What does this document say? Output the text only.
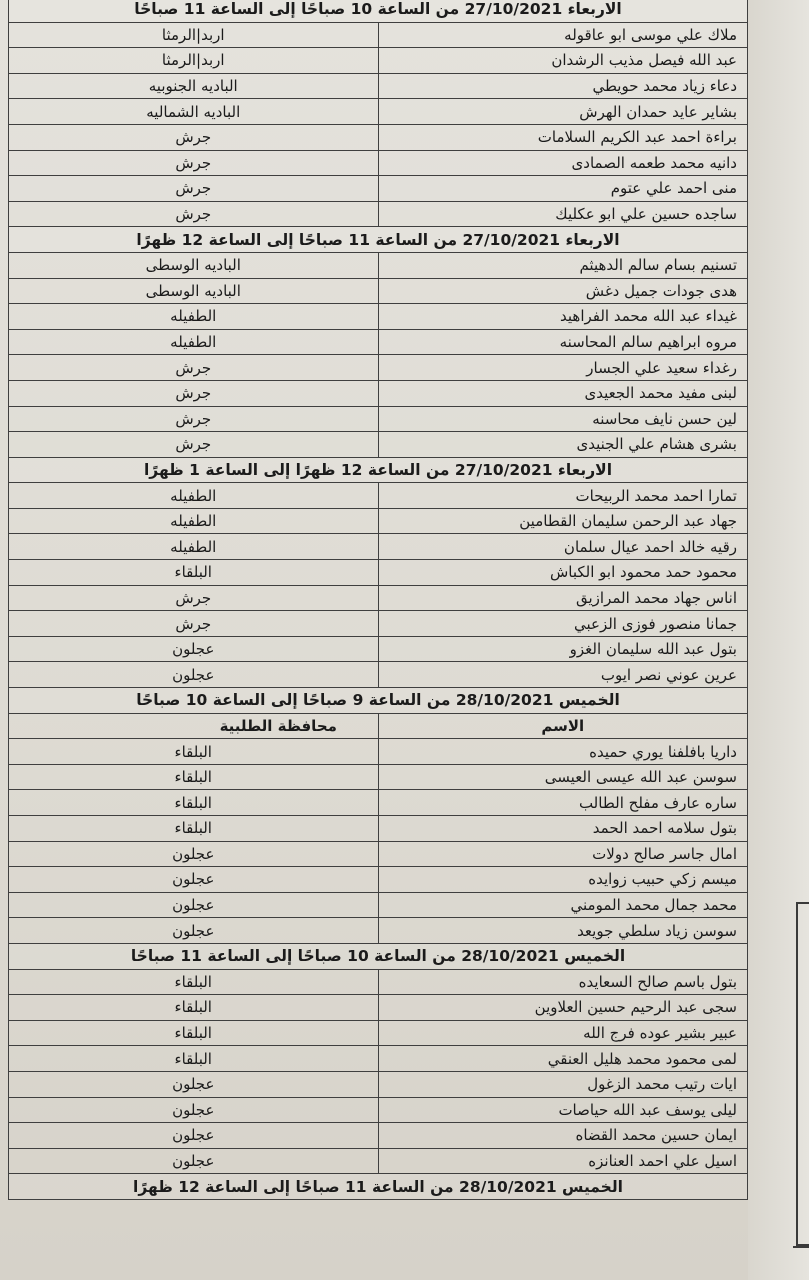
الاربعاء 27/10/2021 من الساعة 10 صباحًا إلى الساعة 11 صباحًا	
ملاك علي موسى ابو عاقوله	اربد|الرمثا
عبد الله فيصل مذيب الرشدان	اربد|الرمثا
دعاء زياد محمد حويطي	الباديه الجنوبيه
بشاير عايد حمدان الهرش	الباديه الشماليه
براءة احمد عبد الكريم السلامات	جرش
دانيه محمد طعمه الصمادى	جرش
منى احمد علي عتوم	جرش
ساجده حسين علي ابو عكليك	جرش
الاربعاء 27/10/2021 من الساعة 11 صباحًا إلى الساعة 12 ظهرًا	
تسنيم بسام سالم الدهيثم	الباديه الوسطى
هدى جودات جميل دغش	الباديه الوسطى
غيداء عبد الله محمد الفراهيد	الطفيله
مروه ابراهيم سالم المحاسنه	الطفيله
رغداء سعيد علي الجسار	جرش
لبنى مفيد محمد الجعيدى	جرش
لين حسن نايف محاسنه	جرش
بشرى هشام علي الجنيدى	جرش
الاربعاء 27/10/2021 من الساعة 12 ظهرًا إلى الساعة 1 ظهرًا	
تمارا احمد محمد الربيحات	الطفيله
جهاد عبد الرحمن سليمان القطامين	الطفيله
رقيه خالد احمد عيال سلمان	الطفيله
محمود حمد محمود ابو الكباش	البلقاء
اناس جهاد محمد المرازيق	جرش
جمانا منصور فوزى الزعبي	جرش
بتول عبد الله سليمان الغزو	عجلون
عرين عوني نصر ايوب	عجلون
الخميس 28/10/2021 من الساعة 9 صباحًا إلى الساعة 10 صباحًا	
الاسم	محافظة الطلبية
داريا بافلفنا يوري حميده	البلقاء
سوسن عبد الله عيسى العيسى	البلقاء
ساره عارف مفلح الطالب	البلقاء
بتول سلامه احمد الحمد	البلقاء
امال جاسر صالح دولات	عجلون
ميسم زكي حبيب زوايده	عجلون
محمد جمال محمد المومني	عجلون
سوسن زياد سلطي جويعد	عجلون
الخميس 28/10/2021 من الساعة 10 صباحًا إلى الساعة 11 صباحًا	
بتول باسم صالح السعايده	البلقاء
سجى عبد الرحيم حسين العلاوين	البلقاء
عبير بشير عوده فرج الله	البلقاء
لمى محمود محمد هليل العنقي	البلقاء
ايات رتيب محمد الزغول	عجلون
ليلى يوسف عبد الله حياصات	عجلون
ايمان حسين محمد القضاه	عجلون
اسيل علي احمد العنانزه	عجلون
الخميس 28/10/2021 من الساعة 11 صباحًا إلى الساعة 12 ظهرًا	
